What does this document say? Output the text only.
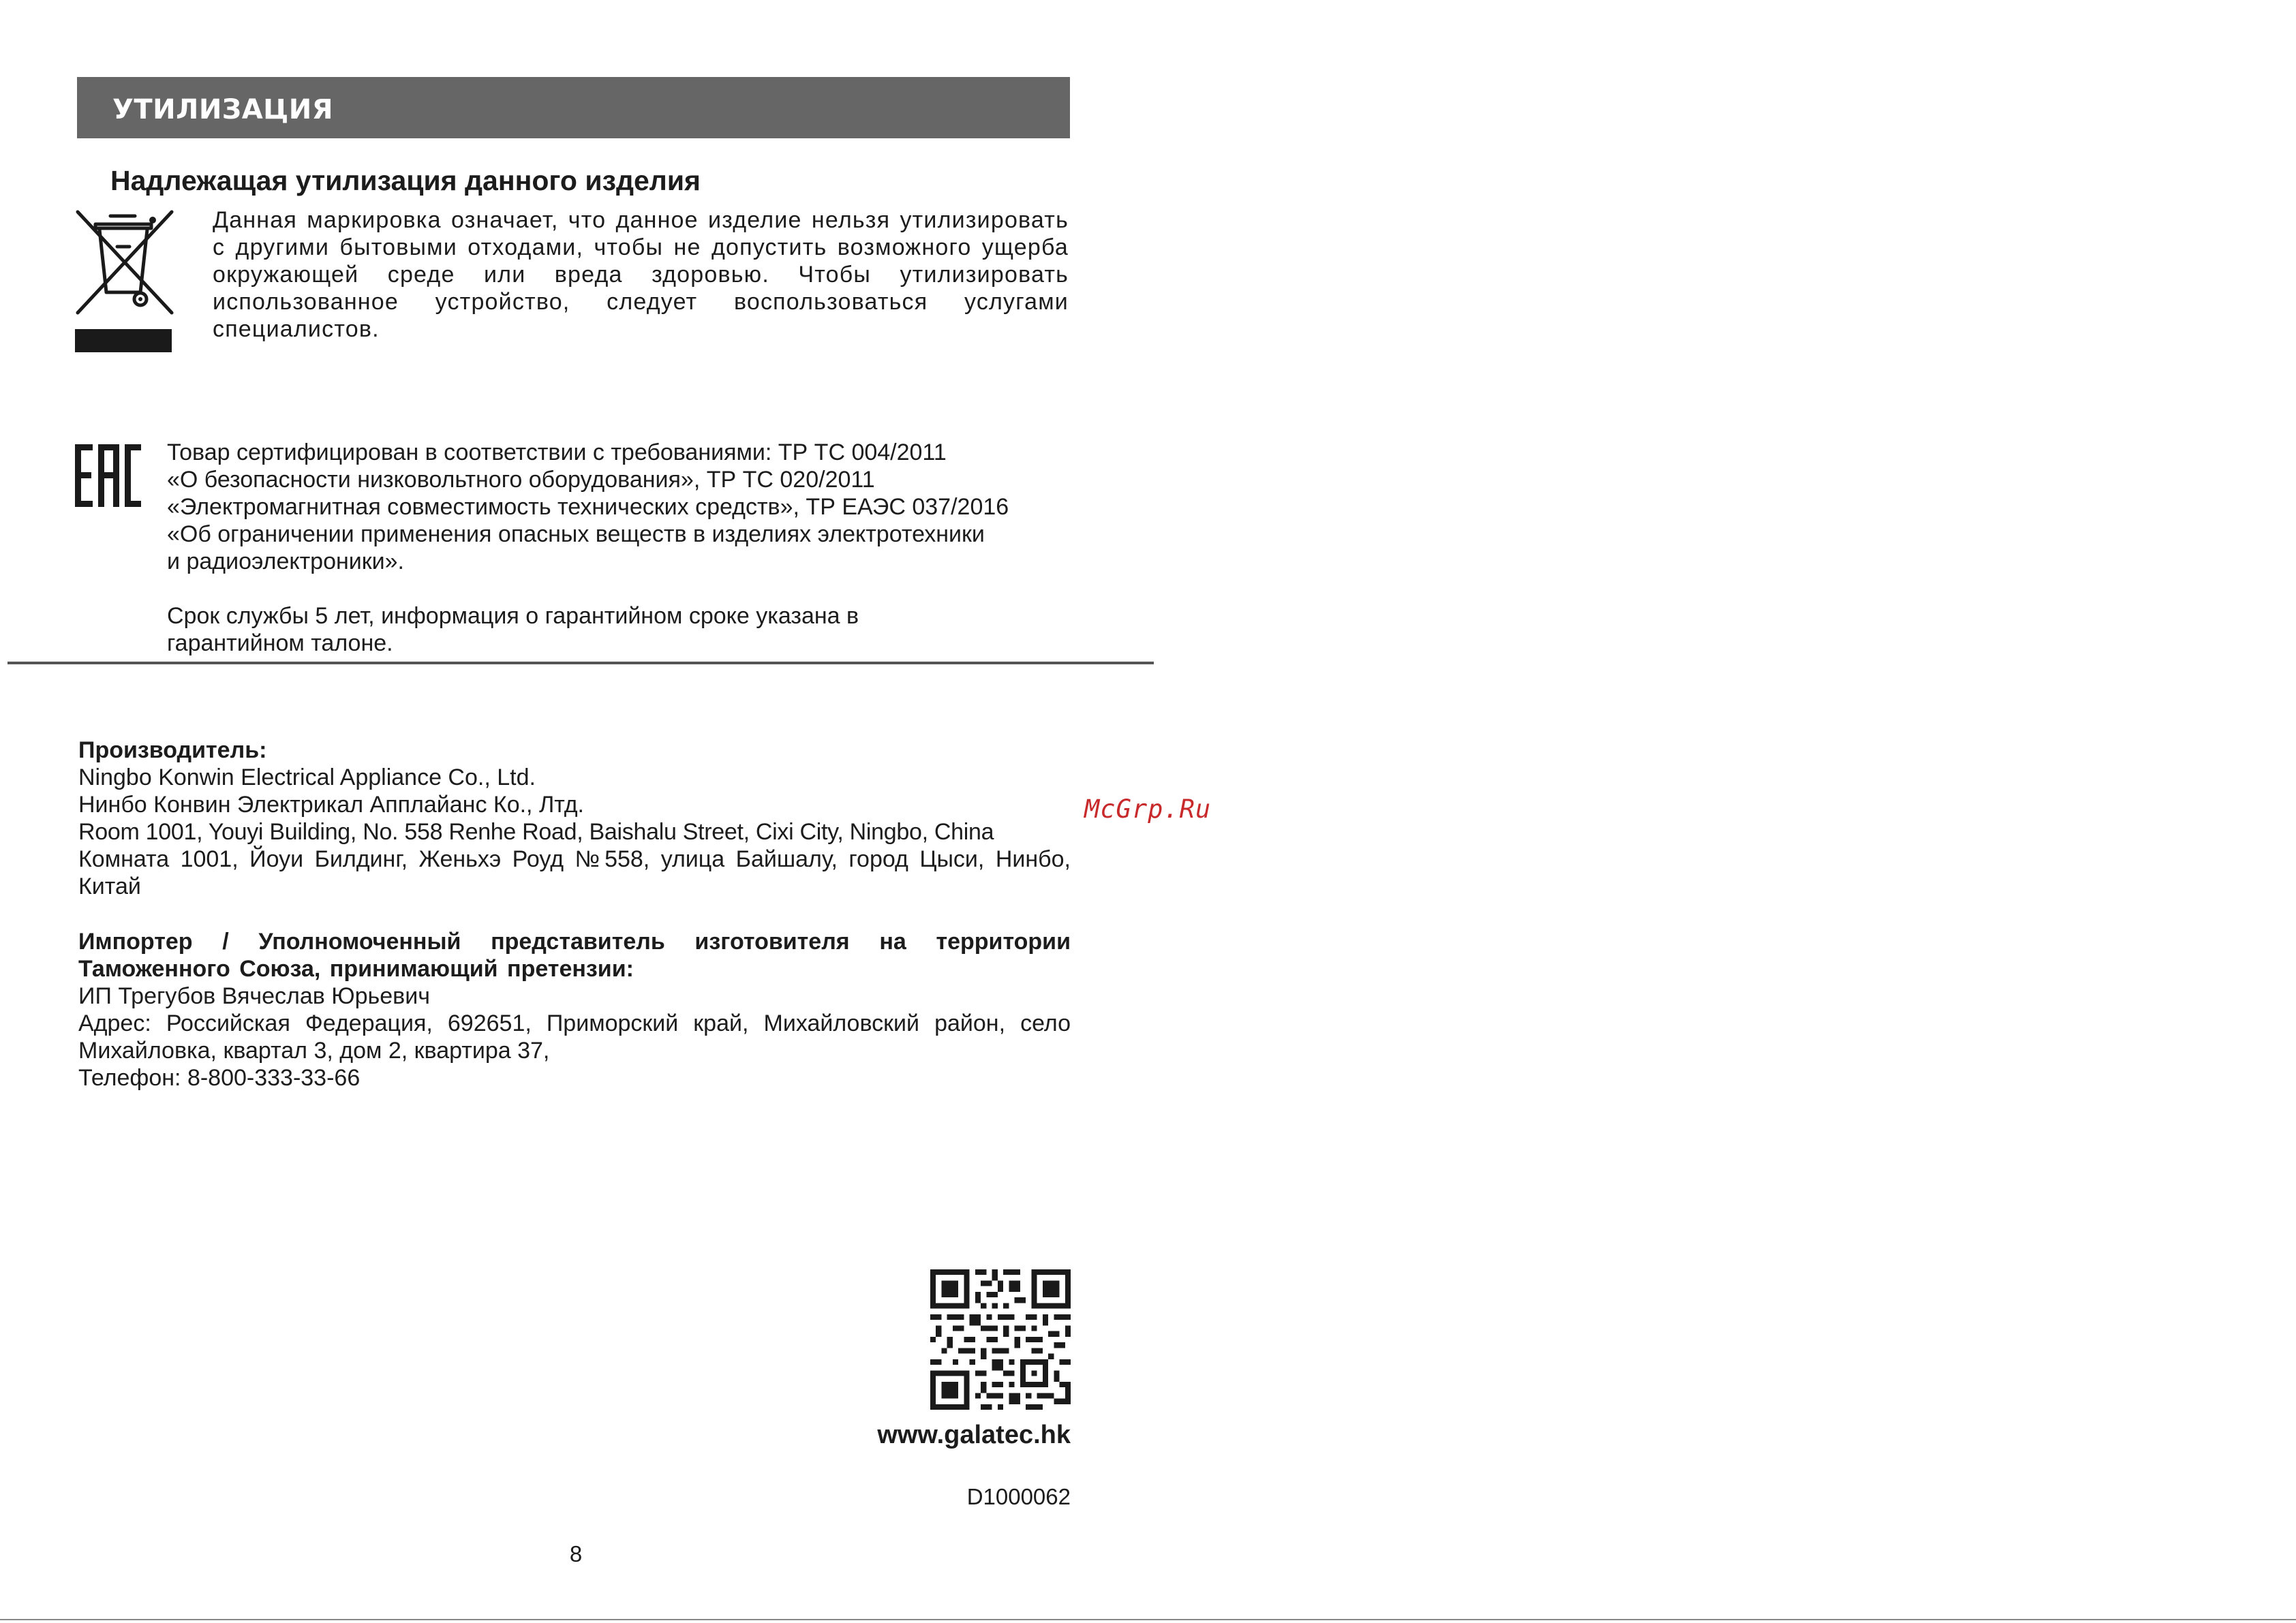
УТИЛИЗАЦИЯ
Надлежащая утилизация данного изделия
Данная маркировка означает, что данное изделие нельзя утилизировать с другими бытовыми отходами, чтобы не допустить возможного ущерба окружающей среде или вреда здоровью. Чтобы утилизировать использованное устройство, следует воспользоваться услугами специалистов.
Товар сертифицирован в соответствии с требованиями: ТР ТС 004/2011
«О безопасности низковольтного оборудования», ТР ТС 020/2011
«Электромагнитная совместимость технических средств», ТР ЕАЭС 037/2016
«Об ограничении применения опасных веществ в изделиях электротехники
и радиоэлектроники».
Срок службы 5 лет, информация о гарантийном сроке указана в
гарантийном талоне.
Производитель:
Ningbo Konwin Electrical Appliance Co., Ltd.
Нинбо Конвин Электрикал Апплайанс Ко., Лтд.
Room 1001, Youyi Building, No. 558 Renhe Road, Baishalu Street, Cixi City, Ningbo, China
Комната 1001, Йоуи Билдинг, Женьхэ Роуд №558, улица Байшалу, город Цыси, Нинбо, Китай
Импортер / Уполномоченный представитель изготовителя на территории Таможенного Союза, принимающий претензии:
ИП Трегубов Вячеслав Юрьевич
Адрес: Российская Федерация, 692651, Приморский край, Михайловский район, село Михайловка, квартал 3, дом 2, квартира 37,
Телефон: 8-800-333-33-66
McGrp.Ru
www.galatec.hk
D1000062
8
